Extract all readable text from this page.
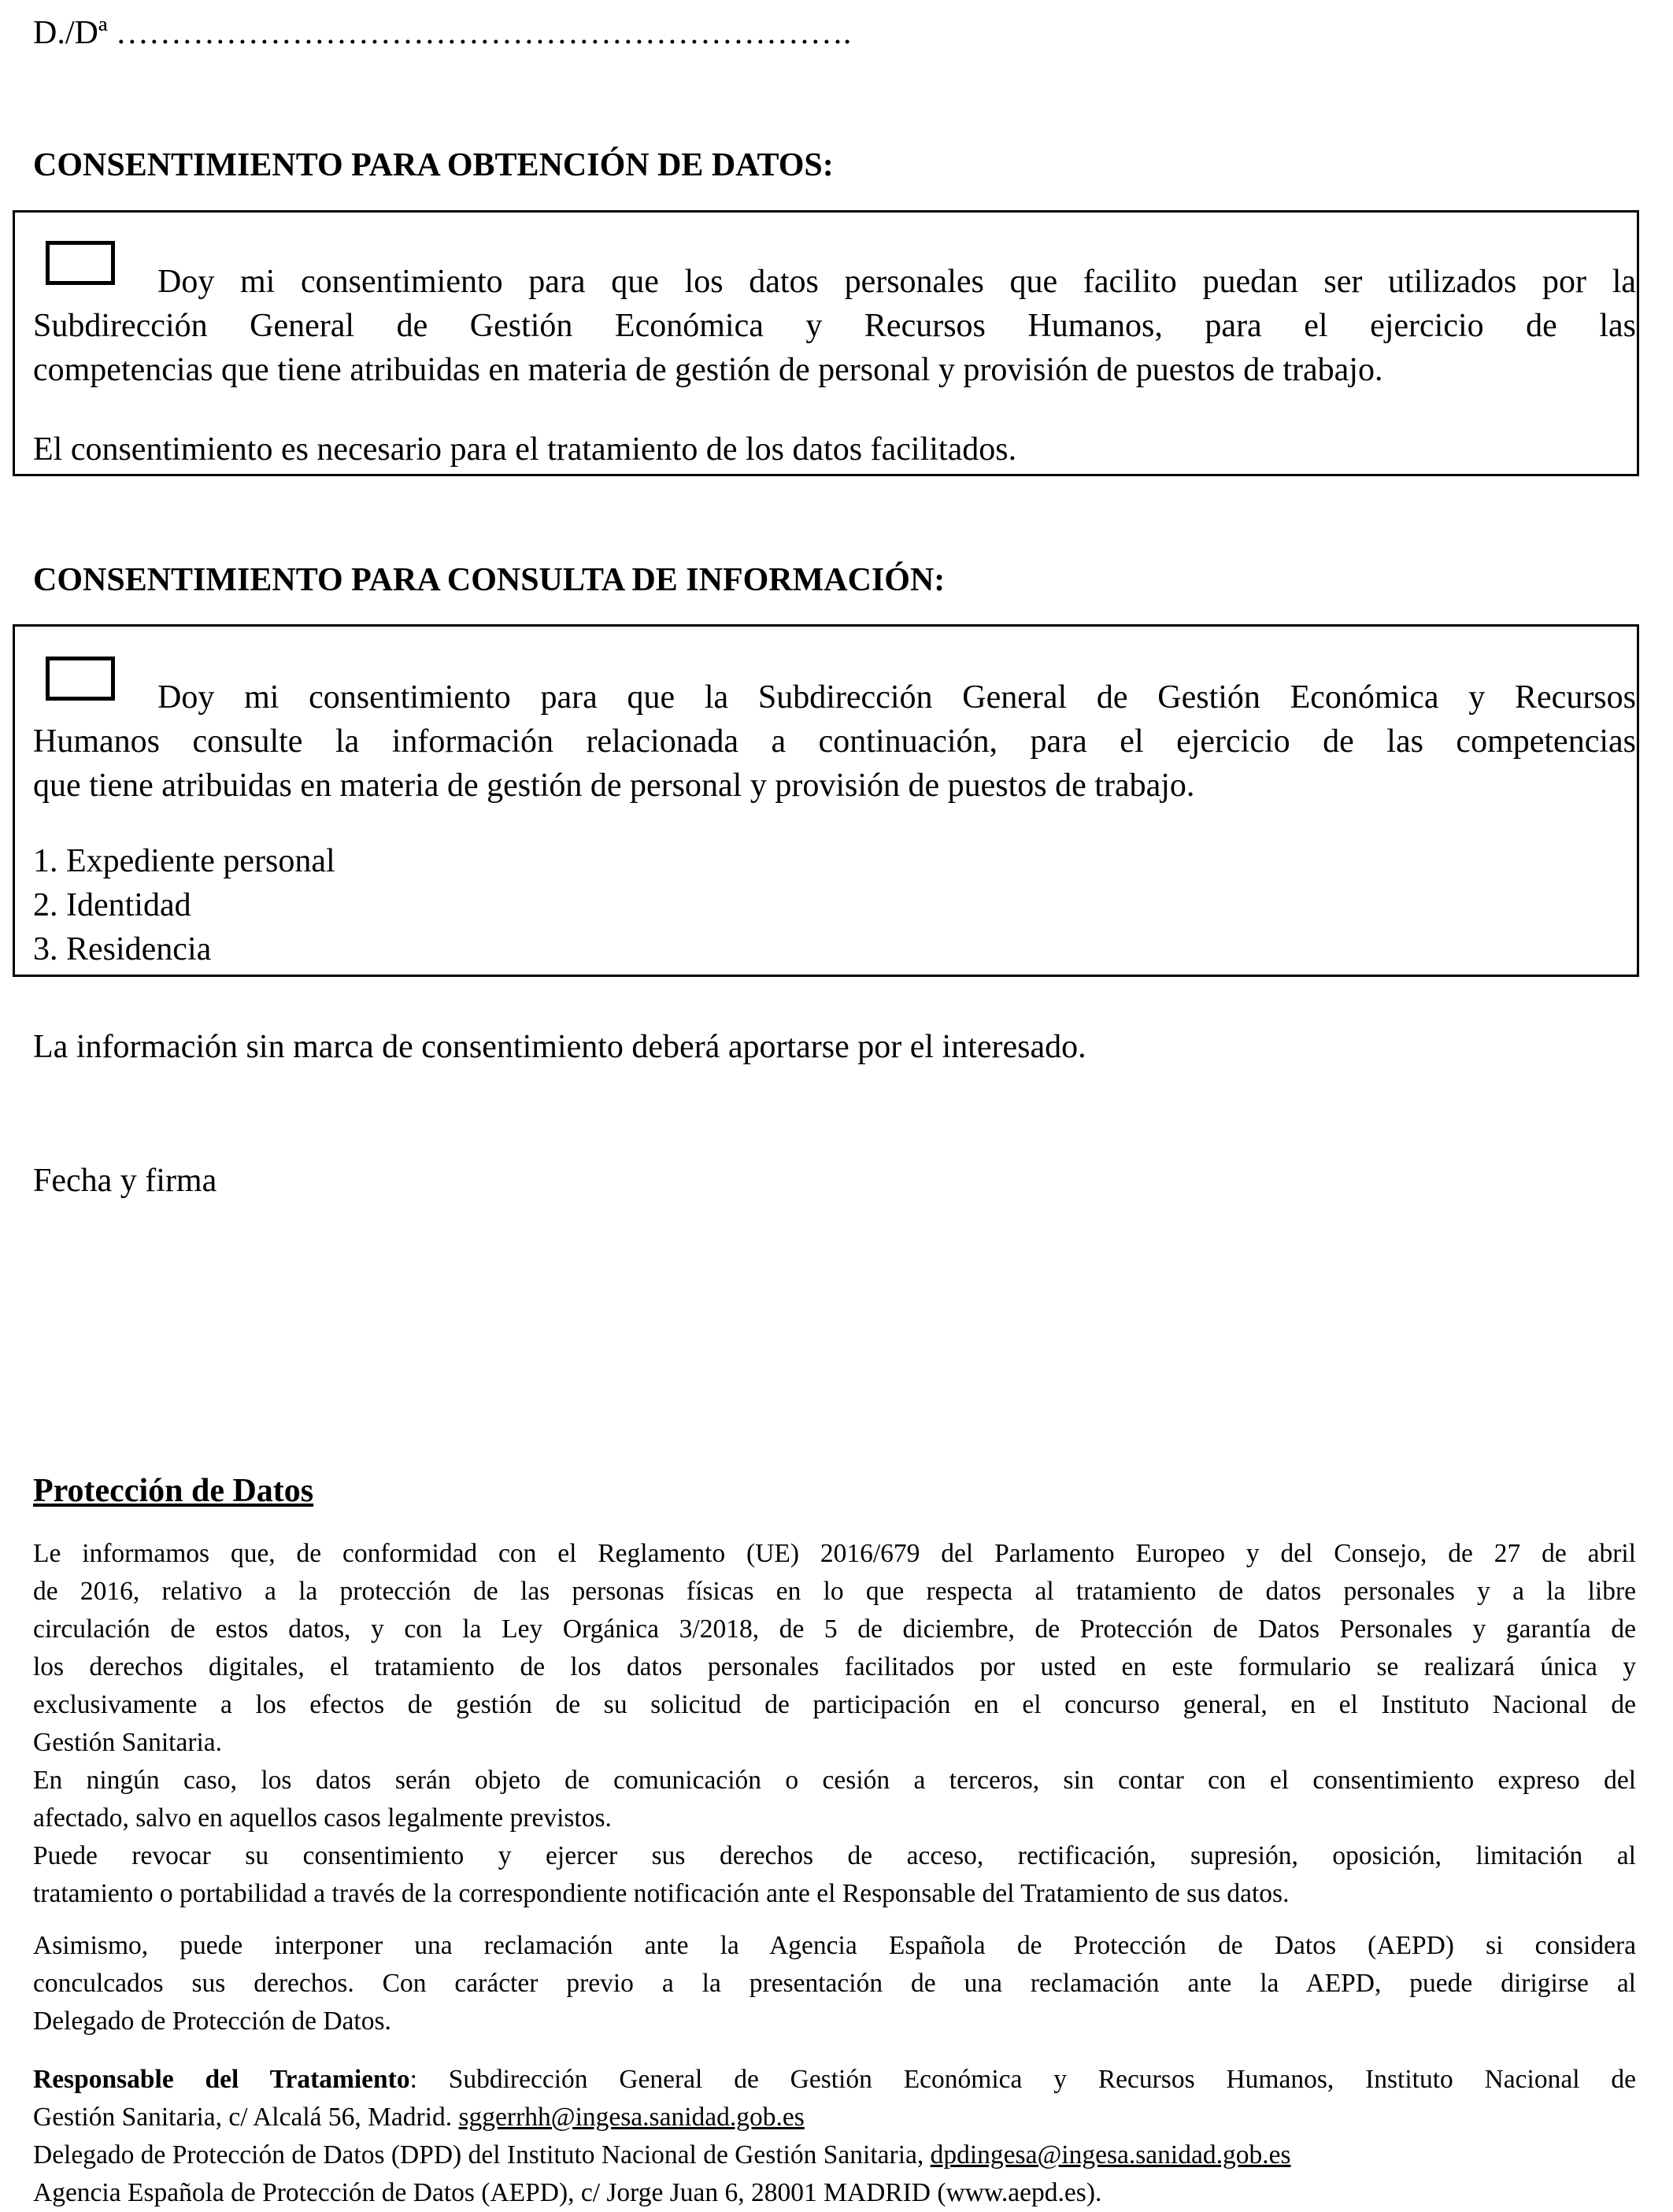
D./Dª ………………………………………………………….
CONSENTIMIENTO PARA OBTENCIÓN DE DATOS:
Doy mi consentimiento para que los datos personales que facilito puedan ser utilizados por la
Subdirección General de Gestión Económica y Recursos Humanos, para el ejercicio de las
competencias que tiene atribuidas en materia de gestión de personal y provisión de puestos de trabajo.
El consentimiento es necesario para el tratamiento de los datos facilitados.
CONSENTIMIENTO PARA CONSULTA DE INFORMACIÓN:
Doy mi consentimiento para que la Subdirección General de Gestión Económica y Recursos
Humanos consulte la información relacionada a continuación, para el ejercicio de las competencias
que tiene atribuidas en materia de gestión de personal y provisión de puestos de trabajo.
1. Expediente personal
2. Identidad
3. Residencia
La información sin marca de consentimiento deberá aportarse por el interesado.
Fecha y firma
Protección de Datos
Le informamos que, de conformidad con el Reglamento (UE) 2016/679 del Parlamento Europeo y del Consejo, de 27 de abril
de 2016, relativo a la protección de las personas físicas en lo que respecta al tratamiento de datos personales y a la libre
circulación de estos datos, y con la Ley Orgánica 3/2018, de 5 de diciembre, de Protección de Datos Personales y garantía de
los derechos digitales, el tratamiento de los datos personales facilitados por usted en este formulario se realizará única y
exclusivamente a los efectos de gestión de su solicitud de participación en el concurso general, en el Instituto Nacional de
Gestión Sanitaria.
En ningún caso, los datos serán objeto de comunicación o cesión a terceros, sin contar con el consentimiento expreso del
afectado, salvo en aquellos casos legalmente previstos.
Puede revocar su consentimiento y ejercer sus derechos de acceso, rectificación, supresión, oposición, limitación al
tratamiento o portabilidad a través de la correspondiente notificación ante el Responsable del Tratamiento de sus datos.
Asimismo, puede interponer una reclamación ante la Agencia Española de Protección de Datos (AEPD) si considera
conculcados sus derechos. Con carácter previo a la presentación de una reclamación ante la AEPD, puede dirigirse al
Delegado de Protección de Datos.
Responsable del Tratamiento: Subdirección General de Gestión Económica y Recursos Humanos, Instituto Nacional de
Gestión Sanitaria, c/ Alcalá 56, Madrid. sggerrhh@ingesa.sanidad.gob.es
Delegado de Protección de Datos (DPD) del Instituto Nacional de Gestión Sanitaria, dpdingesa@ingesa.sanidad.gob.es
Agencia Española de Protección de Datos (AEPD), c/ Jorge Juan 6, 28001 MADRID (www.aepd.es).
